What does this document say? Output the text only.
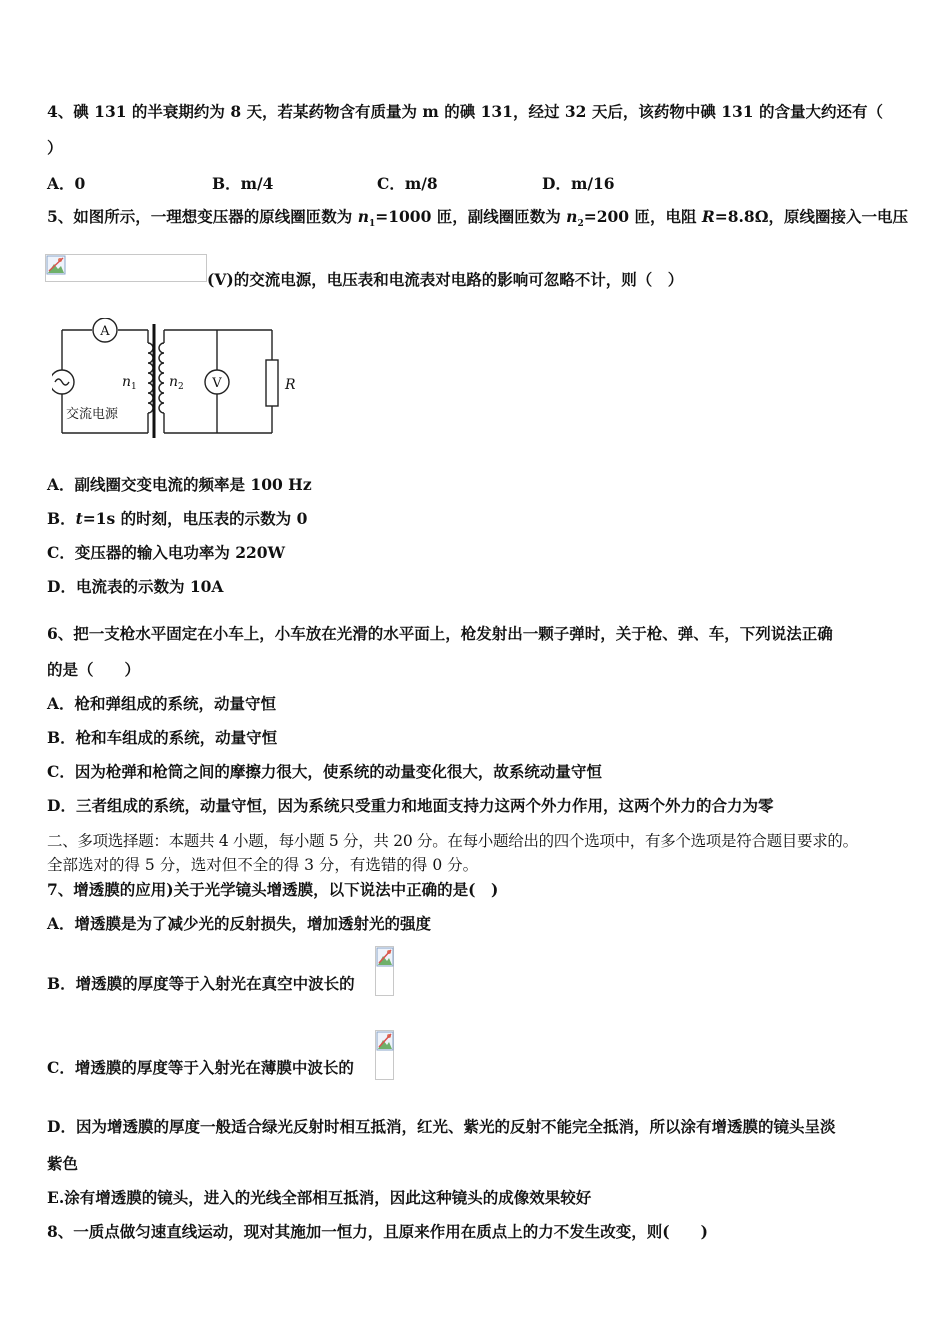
4、碘 131 的半衰期约为 8 天，若某药物含有质量为 m 的碘 131，经过 32 天后，该药物中碘 131 的含量大约还有（
）
A．0	B．m/4	C．m/8	D．m/16
5、如图所示，一理想变压器的原线圈匝数为 $n_1=1000$ 匝，副线圈匝数为 $n_2=200$ 匝，电阻 R=8.8Ω，原线圈接入一电压
(V)的交流电源，电压表和电流表对电路的影响可忽略不计，则（　）
A
V
$n_1$ $n_2$	R
交流电源
A．副线圈交变电流的频率是 100 Hz
B．t=1s 的时刻，电压表的示数为 0
C．变压器的输入电功率为 220W
D．电流表的示数为 10A
6、把一支枪水平固定在小车上，小车放在光滑的水平面上，枪发射出一颗子弹时，关于枪、弹、车，下列说法正确
的是（　　）
A．枪和弹组成的系统，动量守恒
B．枪和车组成的系统，动量守恒
C．因为枪弹和枪筒之间的摩擦力很大，使系统的动量变化很大，故系统动量守恒
D．三者组成的系统，动量守恒，因为系统只受重力和地面支持力这两个外力作用，这两个外力的合力为零
二、多项选择题：本题共 4 小题，每小题 5 分，共 20 分。在每小题给出的四个选项中，有多个选项是符合题目要求的。
全部选对的得 5 分，选对但不全的得 3 分，有选错的得 0 分。
7、增透膜的应用)关于光学镜头增透膜，以下说法中正确的是(　)
A．增透膜是为了减少光的反射损失，增加透射光的强度
B．增透膜的厚度等于入射光在真空中波长的
C．增透膜的厚度等于入射光在薄膜中波长的
D．因为增透膜的厚度一般适合绿光反射时相互抵消，红光、紫光的反射不能完全抵消，所以涂有增透膜的镜头呈淡
紫色
E.涂有增透膜的镜头，进入的光线全部相互抵消，因此这种镜头的成像效果较好
8、一质点做匀速直线运动，现对其施加一恒力，且原来作用在质点上的力不发生改变，则(　　)
